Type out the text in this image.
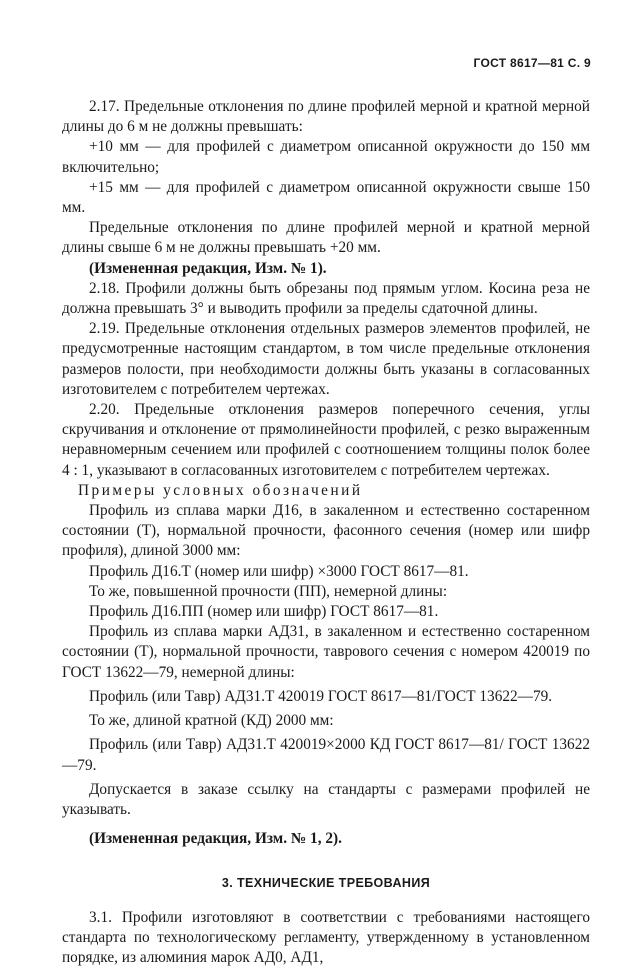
ГОСТ 8617—81 С. 9

2.17. Предельные отклонения по длине профилей мерной и кратной мерной длины до 6 м не должны превышать:

+10 мм — для профилей с диаметром описанной окружности до 150 мм включительно;

+15 мм — для профилей с диаметром описанной окружности свыше 150 мм.

Предельные отклонения по длине профилей мерной и кратной мерной длины свыше 6 м не должны превышать +20 мм.

(Измененная редакция, Изм. № 1).

2.18. Профили должны быть обрезаны под прямым углом. Косина реза не должна превышать 3° и выводить профили за пределы сдаточной длины.

2.19. Предельные отклонения отдельных размеров элементов профилей, не предусмотренные настоящим стандартом, в том числе предельные отклонения размеров полости, при необходимости должны быть указаны в согласованных изготовителем с потребителем чертежах.

2.20. Предельные отклонения размеров поперечного сечения, углы скручивания и отклонение от прямолинейности профилей, с резко выраженным неравномерным сечением или профилей с соотношением толщины полок более 4 : 1, указывают в согласованных изготовителем с потребителем чертежах.

Примеры условных обозначений

Профиль из сплава марки Д16, в закаленном и естественно состаренном состоянии (Т), нормальной прочности, фасонного сечения (номер или шифр профиля), длиной 3000 мм:

Профиль Д16.Т (номер или шифр) ×3000 ГОСТ 8617—81.

То же, повышенной прочности (ПП), немерной длины:

Профиль Д16.ПП (номер или шифр) ГОСТ 8617—81.

Профиль из сплава марки АД31, в закаленном и естественно состаренном состоянии (Т), нормальной прочности, таврового сечения с номером 420019 по ГОСТ 13622—79, немерной длины:

Профиль (или Тавр) АД31.Т 420019 ГОСТ 8617—81/ГОСТ 13622—79.

То же, длиной кратной (КД) 2000 мм:

Профиль (или Тавр) АД31.Т 420019×2000 КД ГОСТ 8617—81/ ГОСТ 13622—79.

Допускается в заказе ссылку на стандарты с размерами профилей не указывать.

(Измененная редакция, Изм. № 1, 2).

3. ТЕХНИЧЕСКИЕ ТРЕБОВАНИЯ

3.1. Профили изготовляют в соответствии с требованиями настоящего стандарта по технологическому регламенту, утвержденному в установленном порядке, из алюминия марок АД0, АД1,
